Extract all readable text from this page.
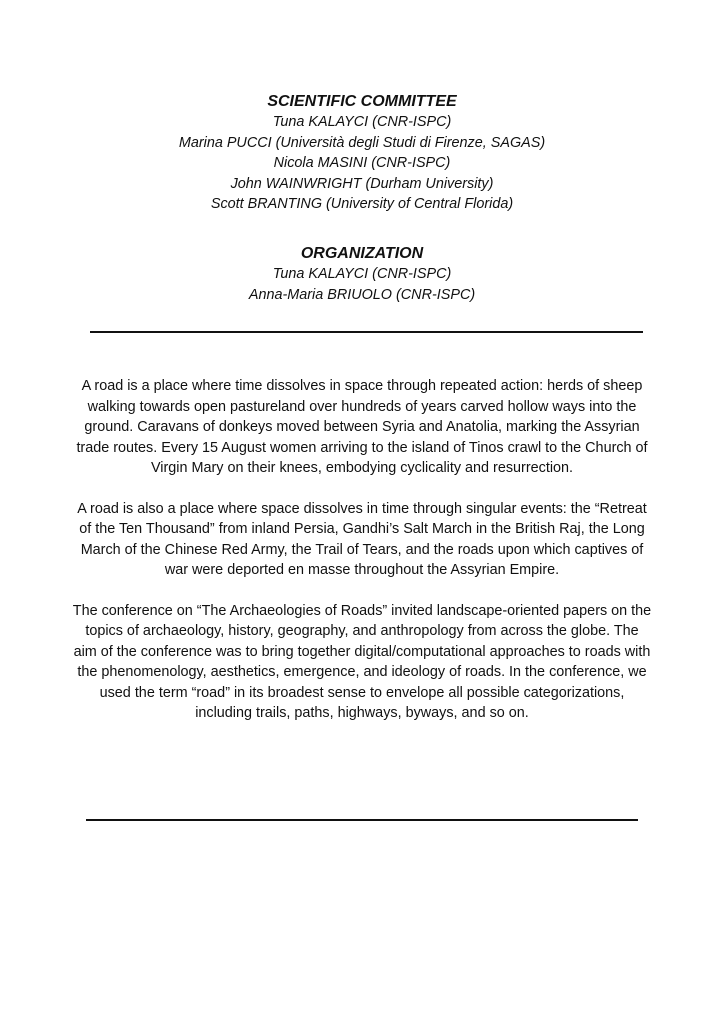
SCIENTIFIC COMMITTEE

Tuna KALAYCI (CNR-ISPC)

Marina PUCCI (Università degli Studi di Firenze, SAGAS)

Nicola MASINI (CNR-ISPC)

John WAINWRIGHT (Durham University)

Scott BRANTING (University of Central Florida)

ORGANIZATION

Tuna KALAYCI (CNR-ISPC)

Anna-Maria BRIUOLO (CNR-ISPC)

A road is a place where time dissolves in space through repeated action: herds of sheep walking towards open pastureland over hundreds of years carved hollow ways into the ground. Caravans of donkeys moved between Syria and Anatolia, marking the Assyrian trade routes. Every 15 August women arriving to the island of Tinos crawl to the Church of Virgin Mary on their knees, embodying cyclicality and resurrection.

A road is also a place where space dissolves in time through singular events: the “Retreat of the Ten Thousand” from inland Persia, Gandhi’s Salt March in the British Raj, the Long March of the Chinese Red Army, the Trail of Tears, and the roads upon which captives of war were deported en masse throughout the Assyrian Empire.

The conference on “The Archaeologies of Roads” invited landscape-oriented papers on the topics of archaeology, history, geography, and anthropology from across the globe. The aim of the conference was to bring together digital/computational approaches to roads with the phenomenology, aesthetics, emergence, and ideology of roads. In the conference, we used the term “road” in its broadest sense to envelope all possible categorizations, including trails, paths, highways, byways, and so on.
